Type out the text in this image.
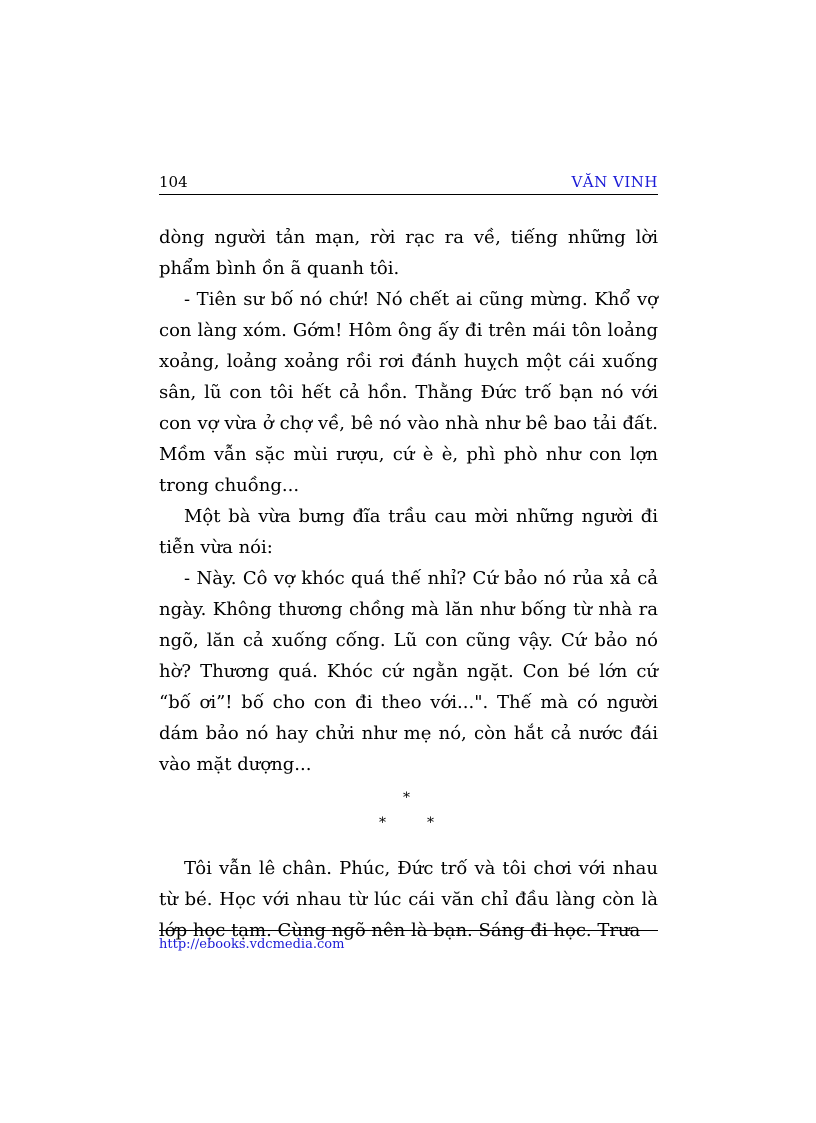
104	VĂN VINH

dòng người tản mạn, rời rạc ra về, tiếng những lời phẩm bình ồn ã quanh tôi.

- Tiên sư bố nó chứ! Nó chết ai cũng mừng. Khổ vợ con làng xóm. Gớm! Hôm ông ấy đi trên mái tôn loảng xoảng, loảng xoảng rồi rơi đánh huỵch một cái xuống sân, lũ con tôi hết cả hồn. Thằng Đức trố bạn nó với con vợ vừa ở chợ về, bê nó vào nhà như bê bao tải đất. Mồm vẫn sặc mùi rượu, cứ è è, phì phò như con lợn trong chuồng...

Một bà vừa bưng đĩa trầu cau mời những người đi tiễn vừa nói:

- Này. Cô vợ khóc quá thế nhỉ? Cứ bảo nó rủa xả cả ngày. Không thương chồng mà lăn như bống từ nhà ra ngõ, lăn cả xuống cống. Lũ con cũng vậy. Cứ bảo nó hờ? Thương quá. Khóc cứ ngằn ngặt. Con bé lớn cứ “bố ơi”! bố cho con đi theo với...". Thế mà có người dám bảo nó hay chửi như mẹ nó, còn hắt cả nước đái vào mặt dượng...

*
*	*

Tôi vẫn lê chân. Phúc, Đức trố và tôi chơi với nhau từ bé. Học với nhau từ lúc cái văn chỉ đầu làng còn là lớp học tạm. Cùng ngõ nên là bạn. Sáng đi học. Trưa

http://ebooks.vdcmedia.com
